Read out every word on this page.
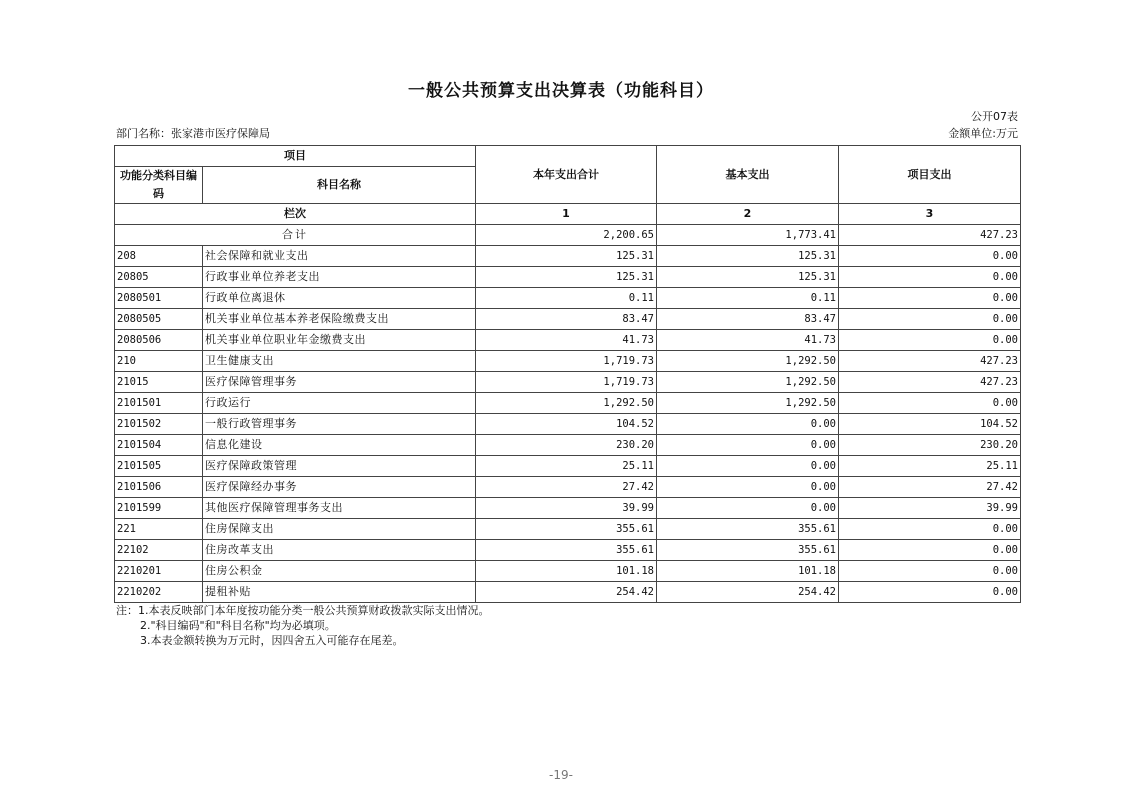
一般公共预算支出决算表（功能科目）
公开07表
部门名称：张家港市医疗保障局	金额单位:万元
项目		本年支出合计	基本支出	项目支出
功能分类科目编码	科目名称			
栏次		1	2	3
合计		2,200.65	1,773.41	427.23
208	社会保障和就业支出	125.31	125.31	0.00
20805	行政事业单位养老支出	125.31	125.31	0.00
2080501	行政单位离退休	0.11	0.11	0.00
2080505	机关事业单位基本养老保险缴费支出	83.47	83.47	0.00
2080506	机关事业单位职业年金缴费支出	41.73	41.73	0.00
210	卫生健康支出	1,719.73	1,292.50	427.23
21015	医疗保障管理事务	1,719.73	1,292.50	427.23
2101501	行政运行	1,292.50	1,292.50	0.00
2101502	一般行政管理事务	104.52	0.00	104.52
2101504	信息化建设	230.20	0.00	230.20
2101505	医疗保障政策管理	25.11	0.00	25.11
2101506	医疗保障经办事务	27.42	0.00	27.42
2101599	其他医疗保障管理事务支出	39.99	0.00	39.99
221	住房保障支出	355.61	355.61	0.00
22102	住房改革支出	355.61	355.61	0.00
2210201	住房公积金	101.18	101.18	0.00
2210202	提租补贴	254.42	254.42	0.00
注：1.本表反映部门本年度按功能分类一般公共预算财政拨款实际支出情况。
2."科目编码"和"科目名称"均为必填项。
3.本表金额转换为万元时，因四舍五入可能存在尾差。
-19-
